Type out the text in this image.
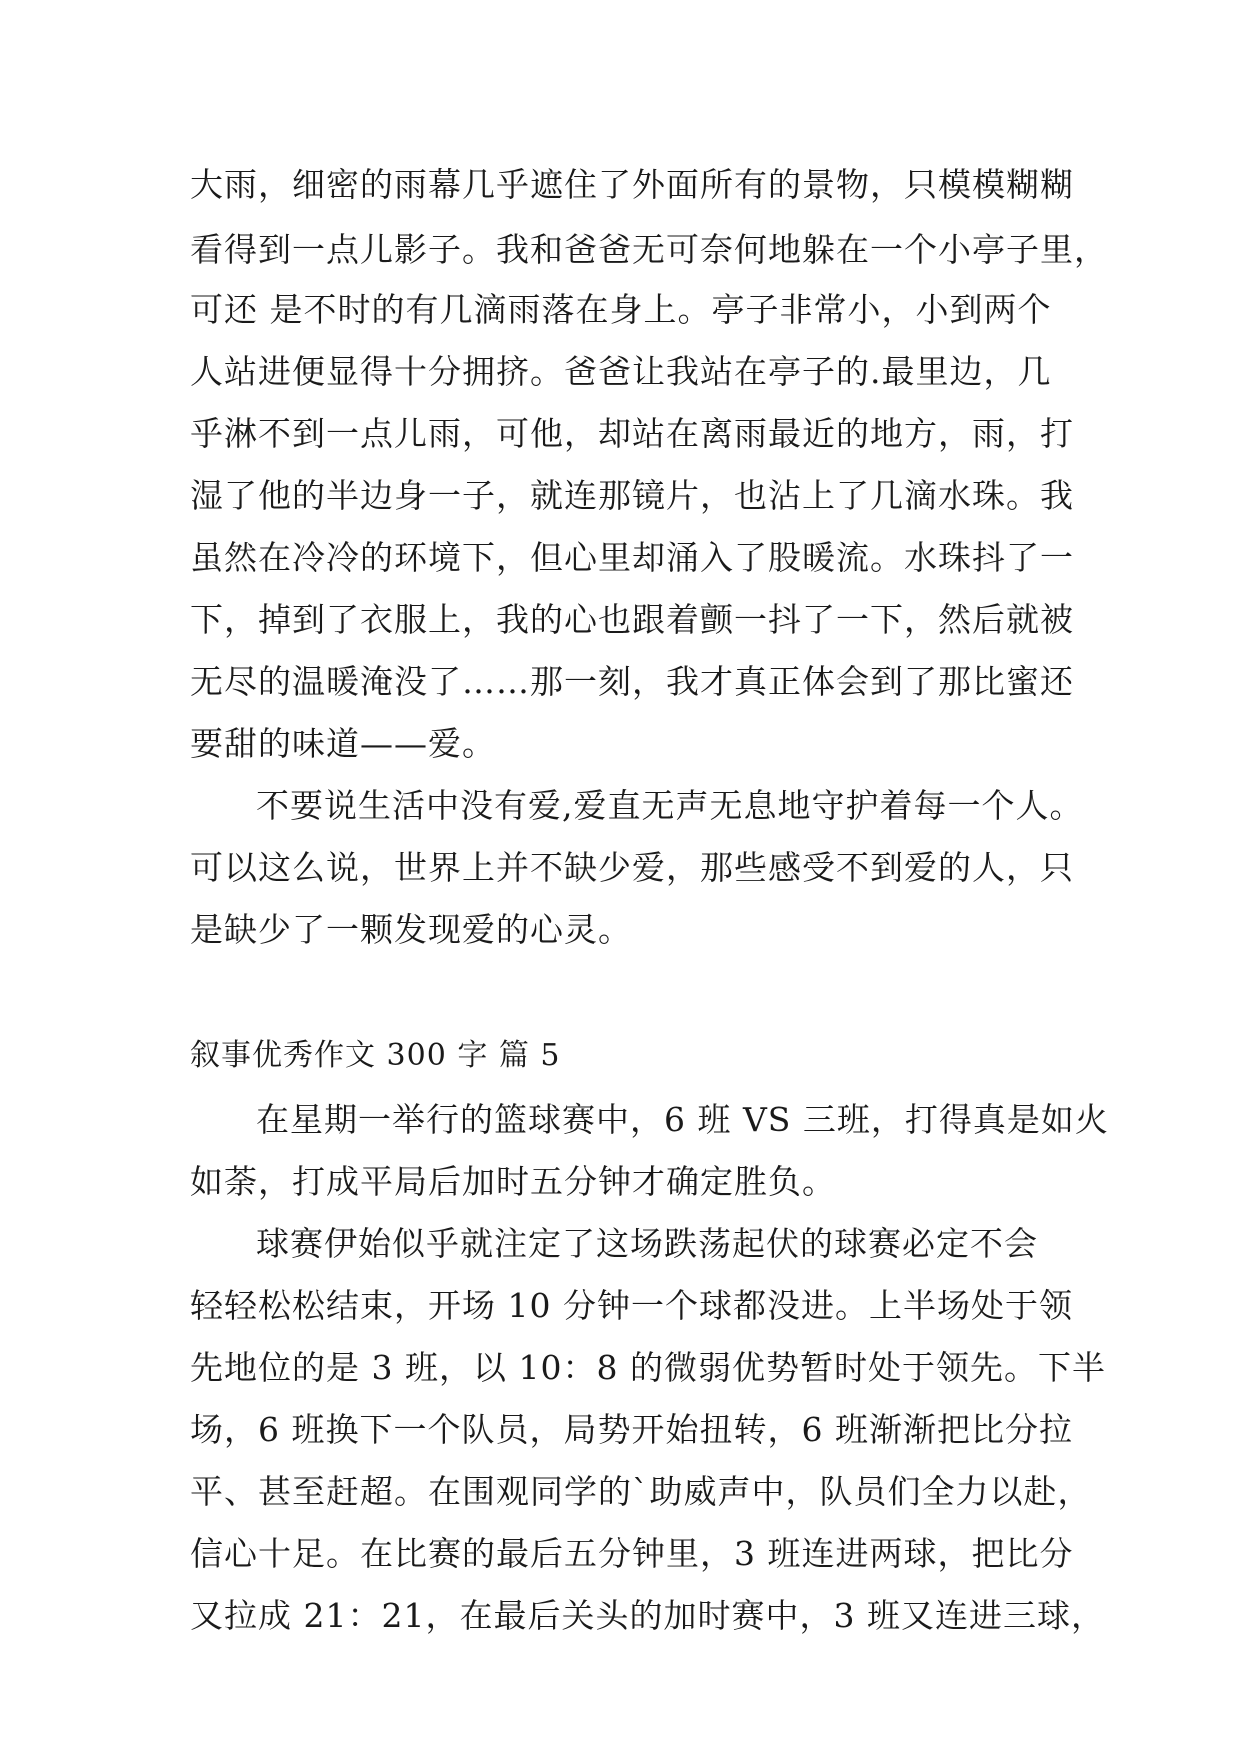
大雨，细密的雨幕几乎遮住了外面所有的景物，只模模糊糊
看得到一点儿影子。我和爸爸无可奈何地躲在一个小亭子里，
可还 是不时的有几滴雨落在身上。亭子非常小，小到两个
人站进便显得十分拥挤。爸爸让我站在亭子的.最里边，几
乎淋不到一点儿雨，可他，却站在离雨最近的地方，雨，打
湿了他的半边身一子，就连那镜片，也沾上了几滴水珠。我
虽然在冷冷的环境下，但心里却涌入了股暖流。水珠抖了一
下，掉到了衣服上，我的心也跟着颤一抖了一下，然后就被
无尽的温暖淹没了……那一刻，我才真正体会到了那比蜜还
要甜的味道——爱。
不要说生活中没有爱,爱直无声无息地守护着每一个人。
可以这么说，世界上并不缺少爱，那些感受不到爱的人，只
是缺少了一颗发现爱的心灵。
叙事优秀作文 300 字 篇 5
在星期一举行的篮球赛中，6 班 VS 三班，打得真是如火
如荼，打成平局后加时五分钟才确定胜负。
球赛伊始似乎就注定了这场跌荡起伏的球赛必定不会
轻轻松松结束，开场 10 分钟一个球都没进。上半场处于领
先地位的是 3 班，以 10：8 的微弱优势暂时处于领先。下半
场，6 班换下一个队员，局势开始扭转，6 班渐渐把比分拉
平、甚至赶超。在围观同学的`助威声中，队员们全力以赴，
信心十足。在比赛的最后五分钟里，3 班连进两球，把比分
又拉成 21：21，在最后关头的加时赛中，3 班又连进三球，
